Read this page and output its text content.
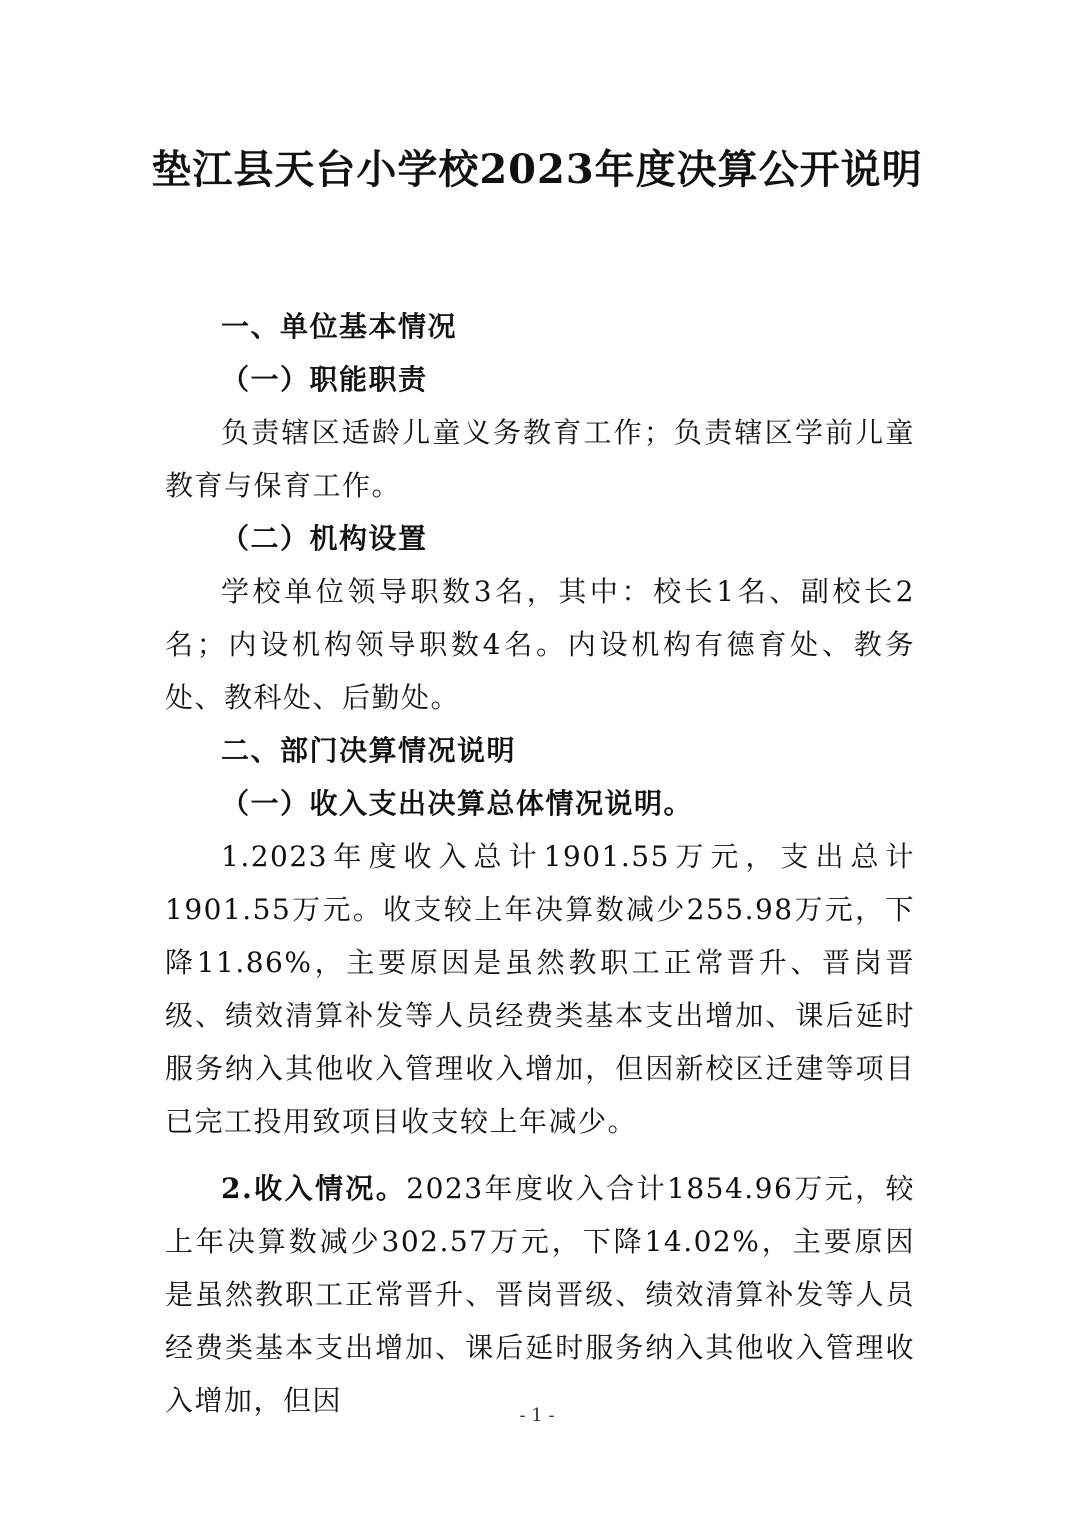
垫江县天台小学校2023年度决算公开说明

一、单位基本情况

（一）职能职责

负责辖区适龄儿童义务教育工作；负责辖区学前儿童教育与保育工作。

（二）机构设置

学校单位领导职数3名，其中：校长1名、副校长2名；内设机构领导职数4名。内设机构有德育处、教务处、教科处、后勤处。

二、部门决算情况说明

（一）收入支出决算总体情况说明。

1.2023年度收入总计1901.55万元，支出总计1901.55万元。收支较上年决算数减少255.98万元，下降11.86%，主要原因是虽然教职工正常晋升、晋岗晋级、绩效清算补发等人员经费类基本支出增加、课后延时服务纳入其他收入管理收入增加，但因新校区迁建等项目已完工投用致项目收支较上年减少。

2.收入情况。2023年度收入合计1854.96万元，较上年决算数减少302.57万元，下降14.02%，主要原因是虽然教职工正常晋升、晋岗晋级、绩效清算补发等人员经费类基本支出增加、课后延时服务纳入其他收入管理收入增加，但因	- 1 -
